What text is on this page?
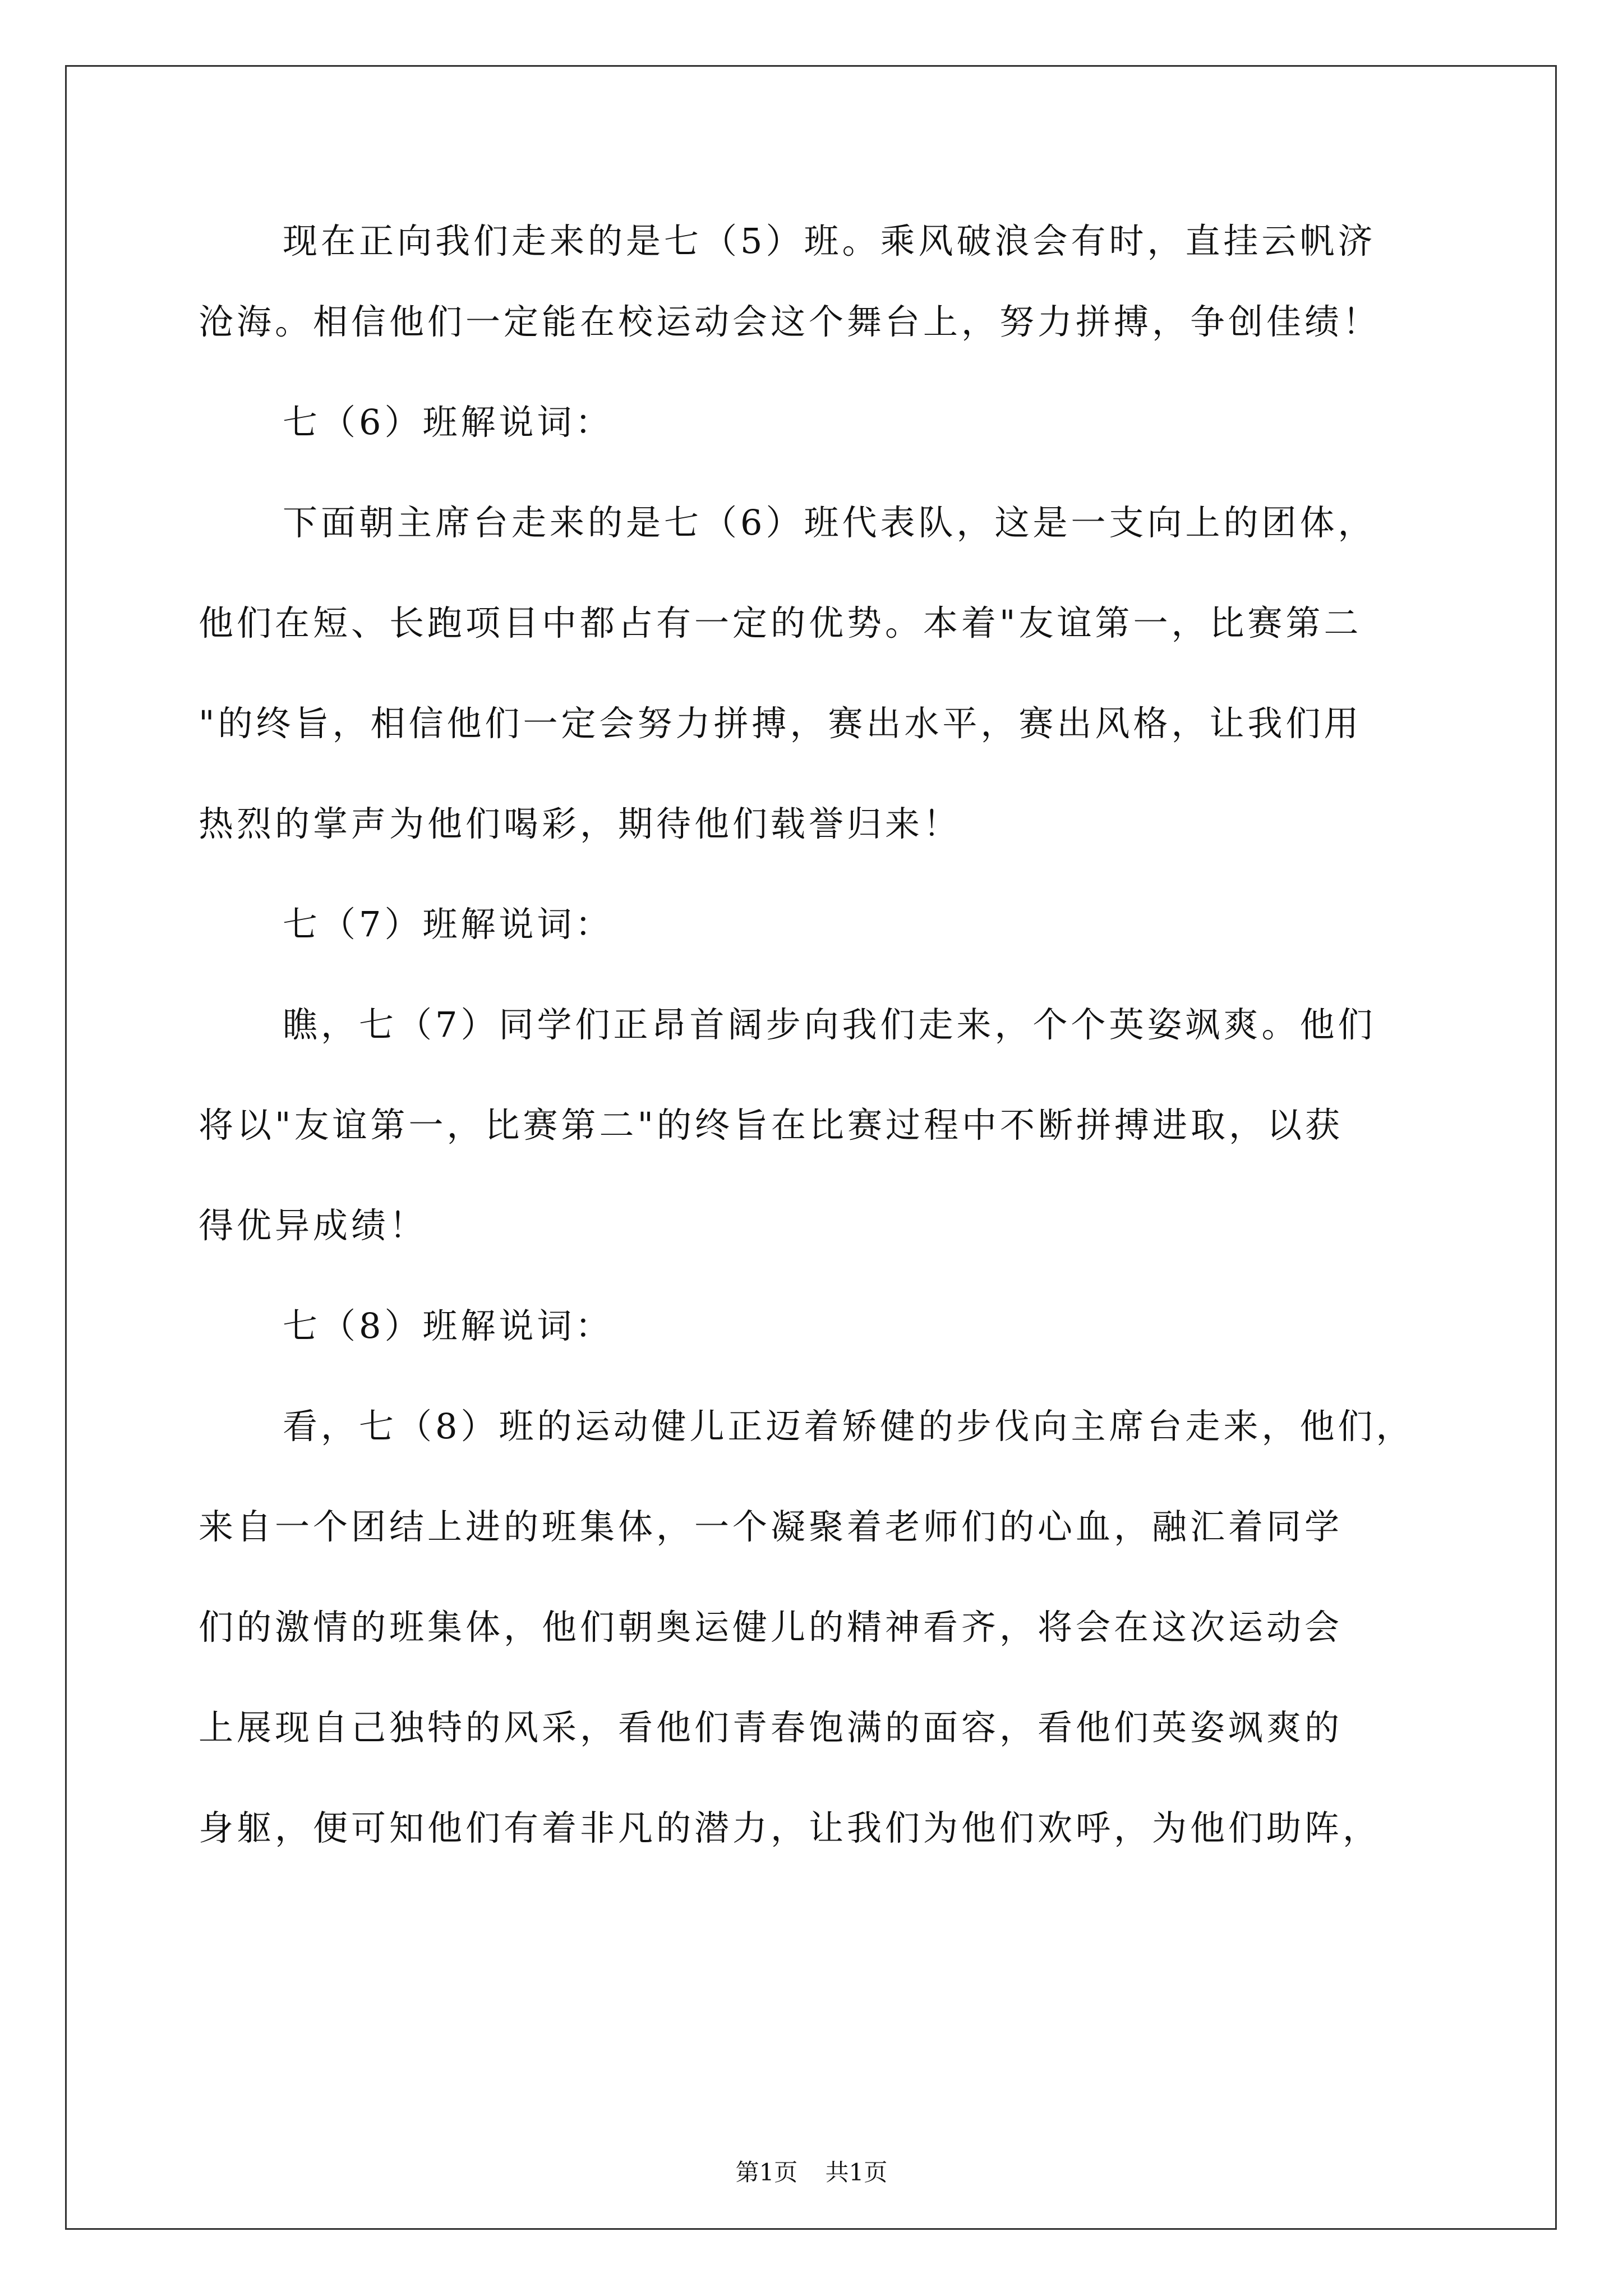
现在正向我们走来的是七（5）班。乘风破浪会有时，直挂云帆济
沧海。相信他们一定能在校运动会这个舞台上，努力拼搏，争创佳绩！
七（6）班解说词：
下面朝主席台走来的是七（6）班代表队，这是一支向上的团体，
他们在短、长跑项目中都占有一定的优势。本着"友谊第一，比赛第二
"的终旨，相信他们一定会努力拼搏，赛出水平，赛出风格，让我们用
热烈的掌声为他们喝彩，期待他们载誉归来！
七（7）班解说词：
瞧，七（7）同学们正昂首阔步向我们走来，个个英姿飒爽。他们
将以"友谊第一，比赛第二"的终旨在比赛过程中不断拼搏进取，以获
得优异成绩！
七（8）班解说词：
看，七（8）班的运动健儿正迈着矫健的步伐向主席台走来，他们，
来自一个团结上进的班集体，一个凝聚着老师们的心血，融汇着同学
们的激情的班集体，他们朝奥运健儿的精神看齐，将会在这次运动会
上展现自己独特的风采，看他们青春饱满的面容，看他们英姿飒爽的
身躯，便可知他们有着非凡的潜力，让我们为他们欢呼，为他们助阵，
第1页 共1页
